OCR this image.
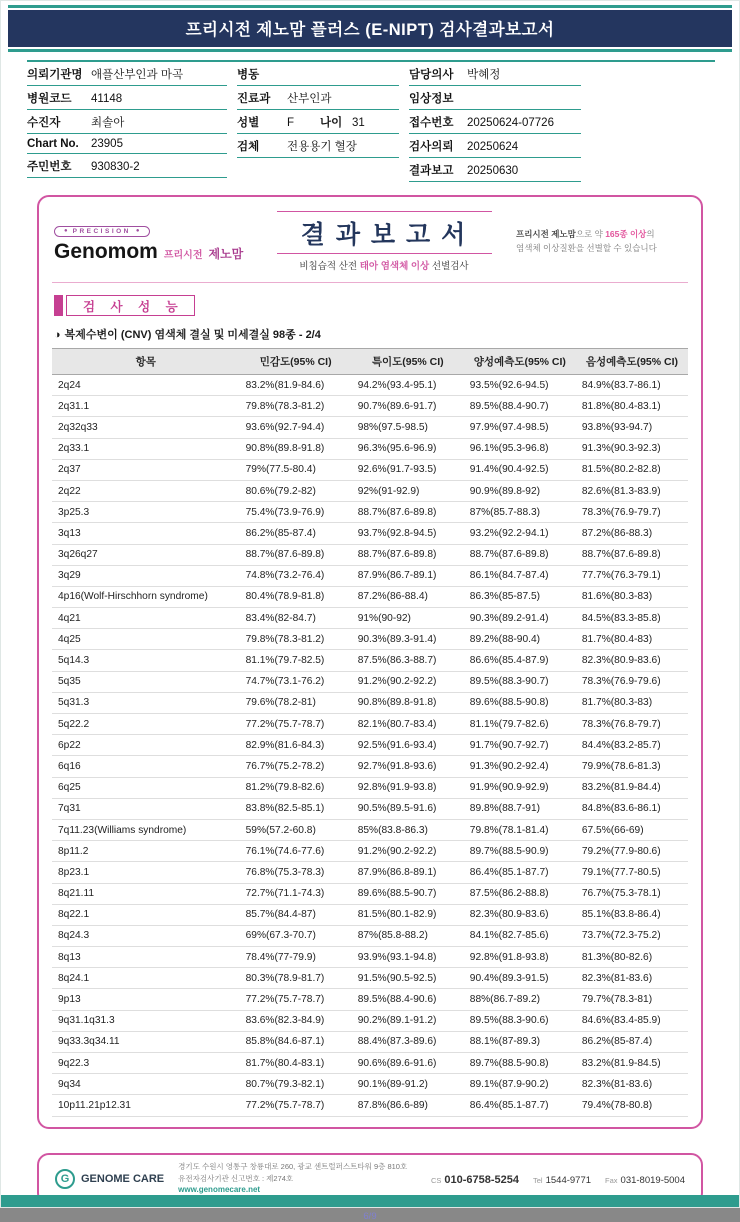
프리시전 제노맘 플러스 (E-NIPT) 검사결과보고서
의뢰기관명 애플산부인과 마곡
병원코드	41148
수진자	최솔아
Chart No.	23905
주민번호	930830-2
병동
진료과	산부인과
성별	F	나이 31
검체	전용용기 혈장
담당의사	박혜정
임상정보
접수번호	20250624-07726
검사의뢰	20250624
결과보고	20250630
● PRECISION ●
Genomom 프리시전 제노맘
결 과 보 고 서
비침습적 산전 태아 염색체 이상 선별검사
프리시전 제노맘으로 약 165종 이상의
염색체 이상질환을 선별할 수 있습니다
검 사 성 능
◑ 복제수변이 (CNV) 염색체 결실 및 미세결실 98종 - 2/4
항목	민감도(95% CI)	특이도(95% CI)	양성예측도(95% CI)	음성예측도(95% CI)
2q24	83.2%(81.9-84.6)	94.2%(93.4-95.1)	93.5%(92.6-94.5)	84.9%(83.7-86.1)
2q31.1	79.8%(78.3-81.2)	90.7%(89.6-91.7)	89.5%(88.4-90.7)	81.8%(80.4-83.1)
2q32q33	93.6%(92.7-94.4)	98%(97.5-98.5)	97.9%(97.4-98.5)	93.8%(93-94.7)
2q33.1	90.8%(89.8-91.8)	96.3%(95.6-96.9)	96.1%(95.3-96.8)	91.3%(90.3-92.3)
2q37	79%(77.5-80.4)	92.6%(91.7-93.5)	91.4%(90.4-92.5)	81.5%(80.2-82.8)
2q22	80.6%(79.2-82)	92%(91-92.9)	90.9%(89.8-92)	82.6%(81.3-83.9)
3p25.3	75.4%(73.9-76.9)	88.7%(87.6-89.8)	87%(85.7-88.3)	78.3%(76.9-79.7)
3q13	86.2%(85-87.4)	93.7%(92.8-94.5)	93.2%(92.2-94.1)	87.2%(86-88.3)
3q26q27	88.7%(87.6-89.8)	88.7%(87.6-89.8)	88.7%(87.6-89.8)	88.7%(87.6-89.8)
3q29	74.8%(73.2-76.4)	87.9%(86.7-89.1)	86.1%(84.7-87.4)	77.7%(76.3-79.1)
4p16(Wolf-Hirschhorn syndrome)	80.4%(78.9-81.8)	87.2%(86-88.4)	86.3%(85-87.5)	81.6%(80.3-83)
4q21	83.4%(82-84.7)	91%(90-92)	90.3%(89.2-91.4)	84.5%(83.3-85.8)
4q25	79.8%(78.3-81.2)	90.3%(89.3-91.4)	89.2%(88-90.4)	81.7%(80.4-83)
5q14.3	81.1%(79.7-82.5)	87.5%(86.3-88.7)	86.6%(85.4-87.9)	82.3%(80.9-83.6)
5q35	74.7%(73.1-76.2)	91.2%(90.2-92.2)	89.5%(88.3-90.7)	78.3%(76.9-79.6)
5q31.3	79.6%(78.2-81)	90.8%(89.8-91.8)	89.6%(88.5-90.8)	81.7%(80.3-83)
5q22.2	77.2%(75.7-78.7)	82.1%(80.7-83.4)	81.1%(79.7-82.6)	78.3%(76.8-79.7)
6p22	82.9%(81.6-84.3)	92.5%(91.6-93.4)	91.7%(90.7-92.7)	84.4%(83.2-85.7)
6q16	76.7%(75.2-78.2)	92.7%(91.8-93.6)	91.3%(90.2-92.4)	79.9%(78.6-81.3)
6q25	81.2%(79.8-82.6)	92.8%(91.9-93.8)	91.9%(90.9-92.9)	83.2%(81.9-84.4)
7q31	83.8%(82.5-85.1)	90.5%(89.5-91.6)	89.8%(88.7-91)	84.8%(83.6-86.1)
7q11.23(Williams syndrome)	59%(57.2-60.8)	85%(83.8-86.3)	79.8%(78.1-81.4)	67.5%(66-69)
8p11.2	76.1%(74.6-77.6)	91.2%(90.2-92.2)	89.7%(88.5-90.9)	79.2%(77.9-80.6)
8p23.1	76.8%(75.3-78.3)	87.9%(86.8-89.1)	86.4%(85.1-87.7)	79.1%(77.7-80.5)
8q21.11	72.7%(71.1-74.3)	89.6%(88.5-90.7)	87.5%(86.2-88.8)	76.7%(75.3-78.1)
8q22.1	85.7%(84.4-87)	81.5%(80.1-82.9)	82.3%(80.9-83.6)	85.1%(83.8-86.4)
8q24.3	69%(67.3-70.7)	87%(85.8-88.2)	84.1%(82.7-85.6)	73.7%(72.3-75.2)
8q13	78.4%(77-79.9)	93.9%(93.1-94.8)	92.8%(91.8-93.8)	81.3%(80-82.6)
8q24.1	80.3%(78.9-81.7)	91.5%(90.5-92.5)	90.4%(89.3-91.5)	82.3%(81-83.6)
9p13	77.2%(75.7-78.7)	89.5%(88.4-90.6)	88%(86.7-89.2)	79.7%(78.3-81)
9q31.1q31.3	83.6%(82.3-84.9)	90.2%(89.1-91.2)	89.5%(88.3-90.6)	84.6%(83.4-85.9)
9q33.3q34.11	85.8%(84.6-87.1)	88.4%(87.3-89.6)	88.1%(87-89.3)	86.2%(85-87.4)
9q22.3	81.7%(80.4-83.1)	90.6%(89.6-91.6)	89.7%(88.5-90.8)	83.2%(81.9-84.5)
9q34	80.7%(79.3-82.1)	90.1%(89-91.2)	89.1%(87.9-90.2)	82.3%(81-83.6)
10p11.21p12.31	77.2%(75.7-78.7)	87.8%(86.6-89)	86.4%(85.1-87.7)	79.4%(78-80.8)
G	GENOME CARE
경기도 수원시 영통구 창룡대로 260, 광교 센트럴퍼스트타워 9층 810호
유전자검사기관 신고번호 : 제274호
www.genomecare.net
CS 010-6758-5254 Tel 1544-9771 Fax 031-8019-5004
6/9
